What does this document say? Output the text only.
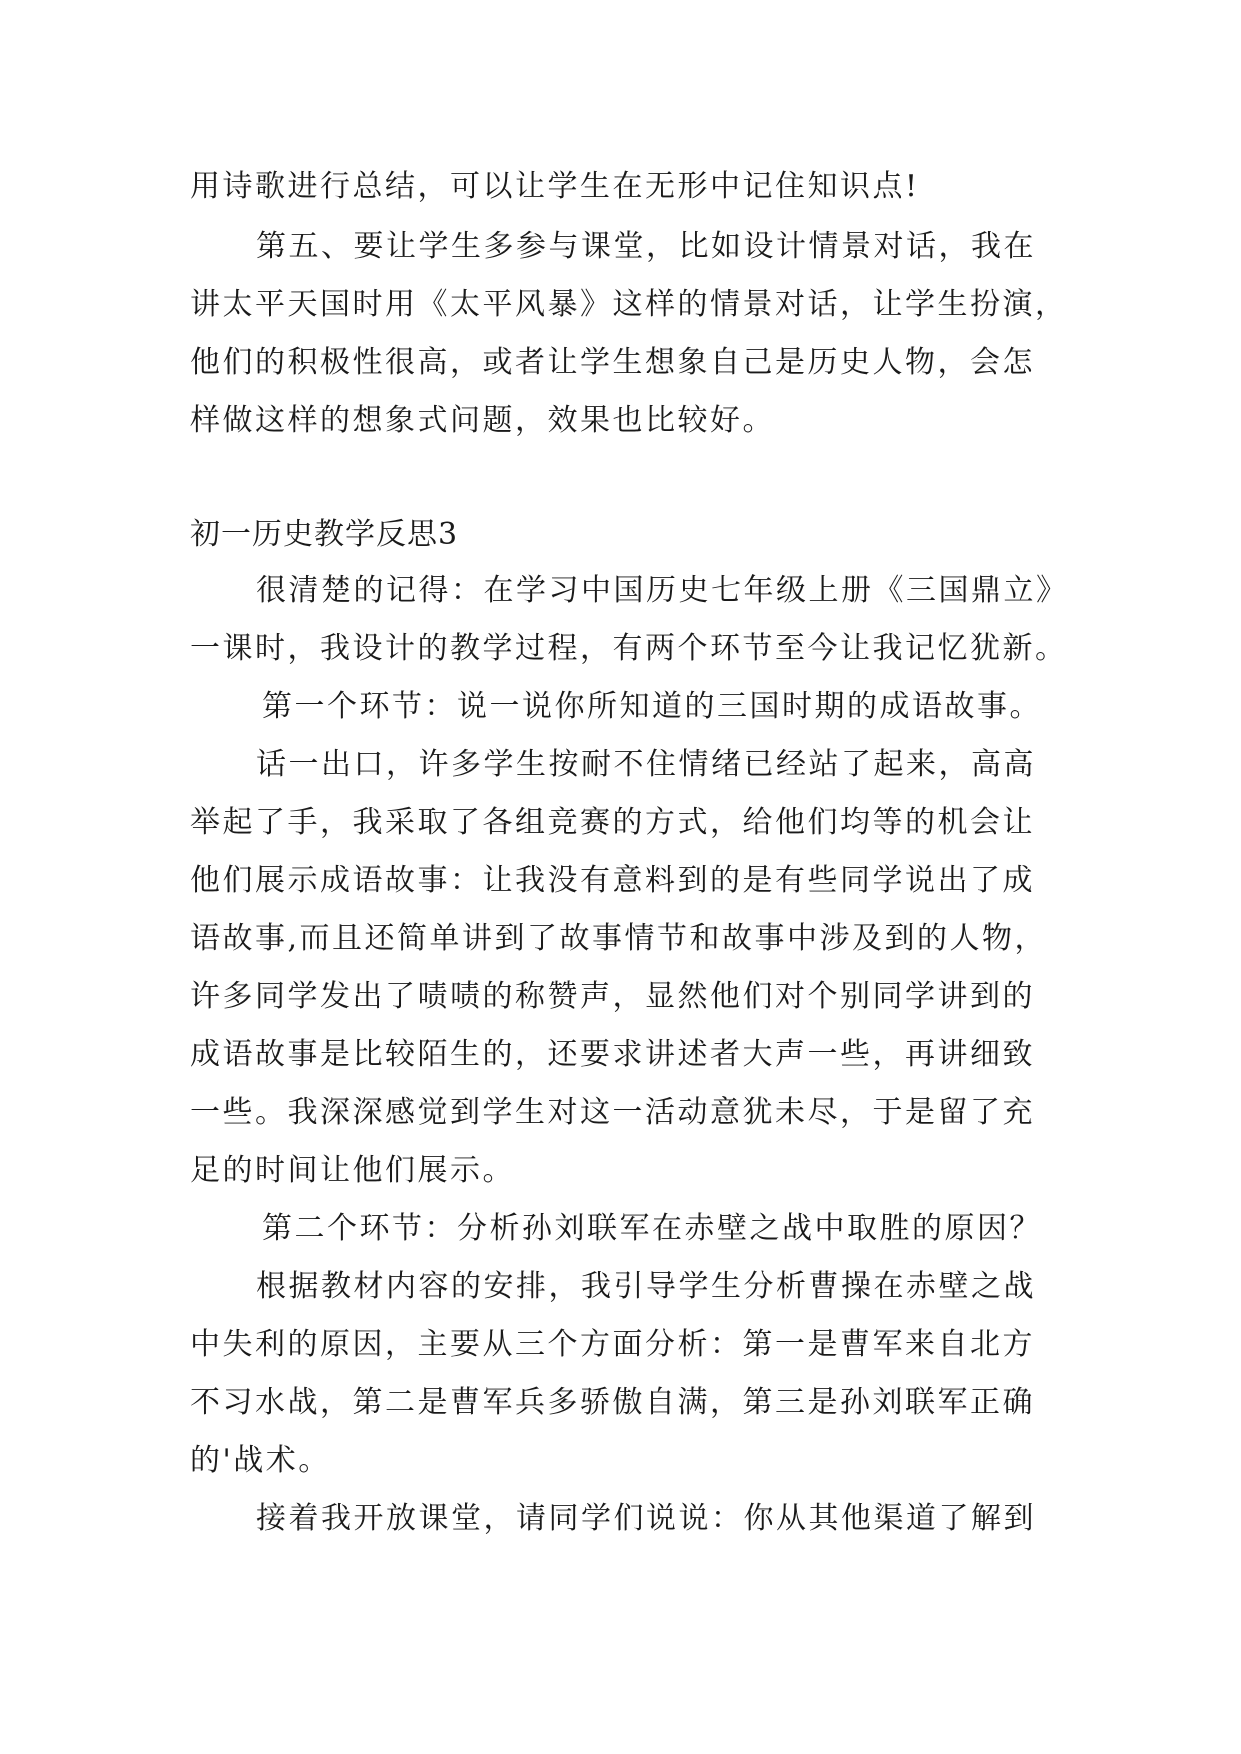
用诗歌进行总结，可以让学生在无形中记住知识点!

第五、要让学生多参与课堂，比如设计情景对话，我在

讲太平天国时用《太平风暴》这样的情景对话，让学生扮演，

他们的积极性很高，或者让学生想象自己是历史人物，会怎

样做这样的想象式问题，效果也比较好。

初一历史教学反思3

很清楚的记得：在学习中国历史七年级上册《三国鼎立》

一课时，我设计的教学过程，有两个环节至今让我记忆犹新。

第一个环节：说一说你所知道的三国时期的成语故事。

话一出口，许多学生按耐不住情绪已经站了起来，高高

举起了手，我采取了各组竞赛的方式，给他们均等的机会让

他们展示成语故事：让我没有意料到的是有些同学说出了成

语故事,而且还简单讲到了故事情节和故事中涉及到的人物，

许多同学发出了啧啧的称赞声，显然他们对个别同学讲到的

成语故事是比较陌生的，还要求讲述者大声一些，再讲细致

一些。我深深感觉到学生对这一活动意犹未尽，于是留了充

足的时间让他们展示。

第二个环节：分析孙刘联军在赤壁之战中取胜的原因？

根据教材内容的安排，我引导学生分析曹操在赤壁之战

中失利的原因，主要从三个方面分析：第一是曹军来自北方

不习水战，第二是曹军兵多骄傲自满，第三是孙刘联军正确

的'战术。

接着我开放课堂，请同学们说说：你从其他渠道了解到
